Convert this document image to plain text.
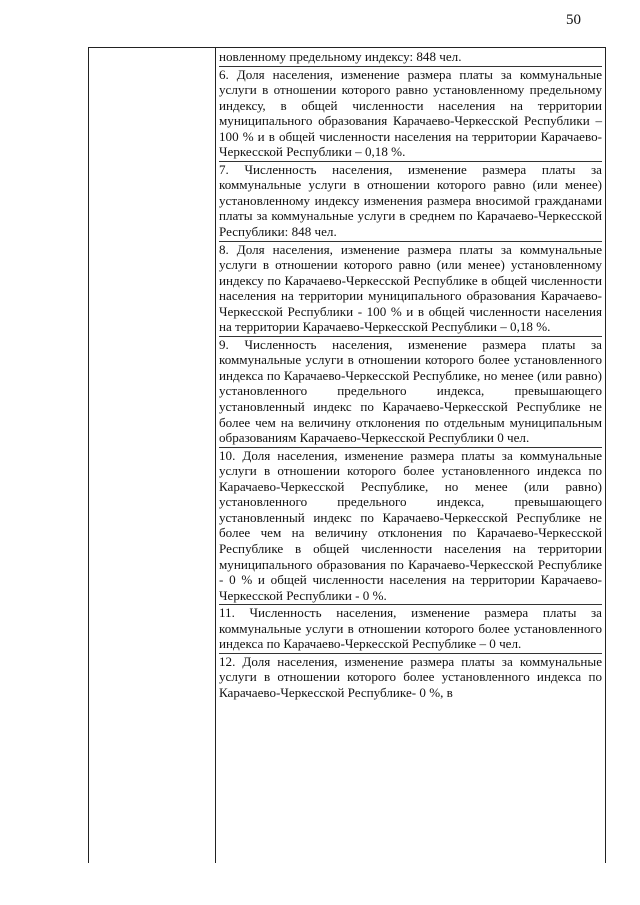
50

новленному предельному индексу: 848 чел.

6. Доля населения, изменение размера платы за коммунальные услуги в отношении которого равно установленному предельному индексу, в общей численности населения на территории муниципального образования Карачаево-Черкесской Республики – 100 % и в общей численности населения на территории Карачаево-Черкесской Республики – 0,18 %.

7. Численность населения, изменение размера платы за коммунальные услуги в отношении которого равно (или менее) установленному индексу изменения размера вносимой гражданами платы за коммунальные услуги в среднем по Карачаево-Черкесской Республики: 848 чел.

8. Доля населения, изменение размера платы за коммунальные услуги в отношении которого равно (или менее) установленному индексу по Карачаево-Черкесской Республике в общей численности населения на территории муниципального образования Карачаево-Черкесской Республики - 100 % и в общей численности населения на территории Карачаево-Черкесской Республики – 0,18 %.

9. Численность населения, изменение размера платы за коммунальные услуги в отношении которого более установленного индекса по Карачаево-Черкесской Республике, но менее (или равно) установленного предельного индекса, превышающего установленный индекс по Карачаево-Черкесской Республике не более чем на величину отклонения по отдельным муниципальным образованиям Карачаево-Черкесской Республики 0 чел.

10. Доля населения, изменение размера платы за коммунальные услуги в отношении которого более установленного индекса по Карачаево-Черкесской Республике, но менее (или равно) установленного предельного индекса, превышающего установленный индекс по Карачаево-Черкесской Республике не более чем на величину отклонения по Карачаево-Черкесской Республике в общей численности населения на территории муниципального образования по Карачаево-Черкесской Республике - 0 % и общей численности населения на территории Карачаево-Черкесской Республики - 0 %.

11. Численность населения, изменение размера платы за коммунальные услуги в отношении которого более установленного индекса по Карачаево-Черкесской Республике – 0 чел.

12. Доля населения, изменение размера платы за коммунальные услуги в отношении которого более установленного индекса по Карачаево-Черкесской Республике- 0 %, в
